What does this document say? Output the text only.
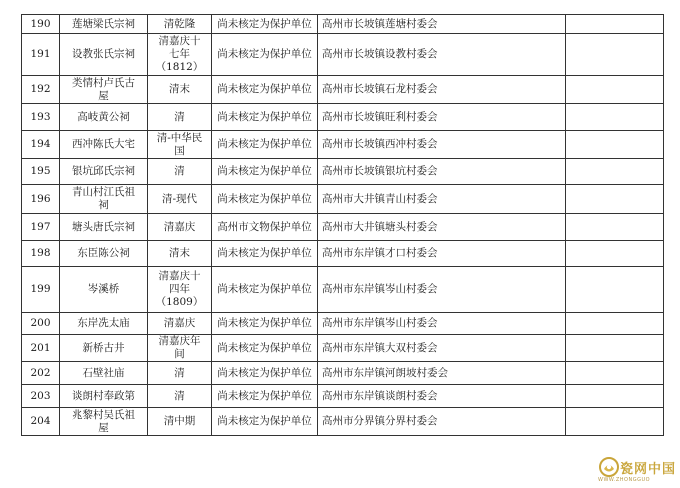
190	莲塘梁氏宗祠	清乾隆	尚未核定为保护单位	高州市长坡镇莲塘村委会	
191	设教张氏宗祠	清嘉庆十
七年
（1812）	尚未核定为保护单位	高州市长坡镇设教村委会	
192	类情村卢氏古
屋	清末	尚未核定为保护单位	高州市长坡镇石龙村委会	
193	高岐黄公祠	清	尚未核定为保护单位	高州市长坡镇旺利村委会	
194	西冲陈氏大宅	清-中华民
国	尚未核定为保护单位	高州市长坡镇西冲村委会	
195	银坑邱氏宗祠	清	尚未核定为保护单位	高州市长坡镇银坑村委会	
196	青山村江氏祖
祠	清-现代	尚未核定为保护单位	高州市大井镇青山村委会	
197	塘头唐氏宗祠	清嘉庆	高州市文物保护单位	高州市大井镇塘头村委会	
198	东臣陈公祠	清末	尚未核定为保护单位	高州市东岸镇才口村委会	
199	岑溪桥	清嘉庆十
四年
（1809）	尚未核定为保护单位	高州市东岸镇岑山村委会	
200	东岸冼太庙	清嘉庆	尚未核定为保护单位	高州市东岸镇岑山村委会	
201	新桥古井	清嘉庆年
间	尚未核定为保护单位	高州市东岸镇大双村委会	
202	石壁社庙	清	尚未核定为保护单位	高州市东岸镇河朗坡村委会	
203	谈朗村奉政第	清	尚未核定为保护单位	高州市东岸镇谈朗村委会	
204	兆黎村吴氏祖
屋	清中期	尚未核定为保护单位	高州市分界镇分界村委会	
瓷网中国
WWW.ZHONGGUO
